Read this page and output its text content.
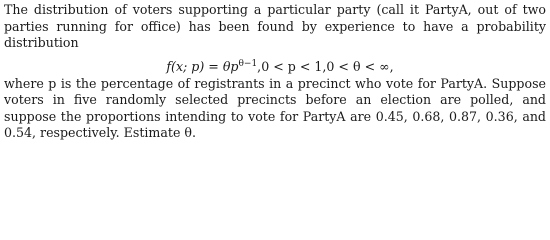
The distribution of voters supporting a particular party (call it PartyA, out of two parties running for office) has been found by experience to have a probability distribution

f(x; $p) = \theta p^{\theta-1},0 < p < 1,0 < \theta$ < ∞,

where p is the percentage of registrants in a precinct who vote for PartyA. Suppose voters in five randomly selected precincts before an election are polled, and suppose the proportions intending to vote for PartyA are 0.45, 0.68, 0.87, 0.36, and 0.54, respectively. Estimate θ.
